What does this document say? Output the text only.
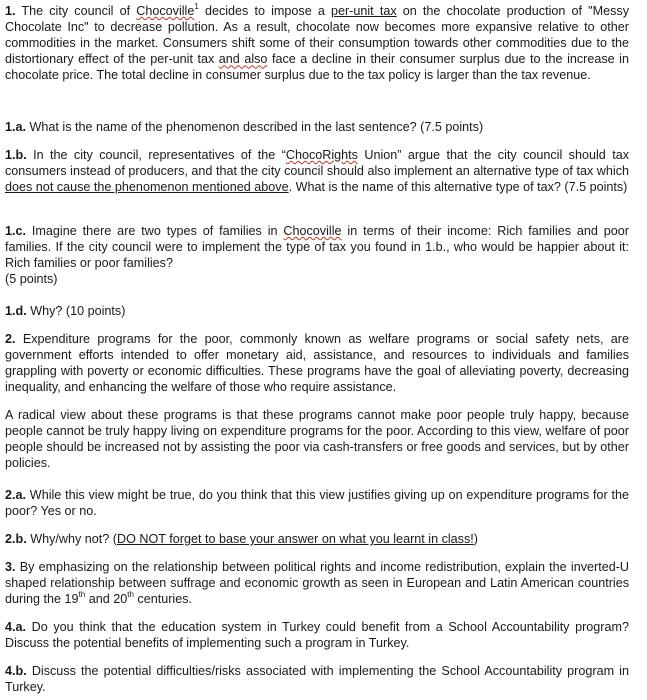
1. The city council of Chocoville$^1$ decides to impose a per-unit tax on the chocolate production of "Messy Chocolate Inc" to decrease pollution. As a result, chocolate now becomes more expansive relative to other commodities in the market. Consumers shift some of their consumption towards other commodities due to the distortionary effect of the per-unit tax and also face a decline in their consumer surplus due to the increase in chocolate price. The total decline in consumer surplus due to the tax policy is larger than the tax revenue.

1.a. What is the name of the phenomenon described in the last sentence? (7.5 points)

1.b. In the city council, representatives of the “ChocoRights Union” argue that the city council should tax consumers instead of producers, and that the city council should also implement an alternative type of tax which does not cause the phenomenon mentioned above. What is the name of this alternative type of tax? (7.5 points)

1.c. Imagine there are two types of families in Chocoville in terms of their income: Rich families and poor families. If the city council were to implement the type of tax you found in 1.b., who would be happier about it: Rich families or poor families?
(5 points)

1.d. Why? (10 points)

2. Expenditure programs for the poor, commonly known as welfare programs or social safety nets, are government efforts intended to offer monetary aid, assistance, and resources to individuals and families grappling with poverty or economic difficulties. These programs have the goal of alleviating poverty, decreasing inequality, and enhancing the welfare of those who require assistance.

A radical view about these programs is that these programs cannot make poor people truly happy, because people cannot be truly happy living on expenditure programs for the poor. According to this view, welfare of poor people should be increased not by assisting the poor via cash-transfers or free goods and services, but by other policies.

2.a. While this view might be true, do you think that this view justifies giving up on expenditure programs for the poor? Yes or no.

2.b. Why/why not? (DO NOT forget to base your answer on what you learnt in class!)

3. By emphasizing on the relationship between political rights and income redistribution, explain the inverted-U shaped relationship between suffrage and economic growth as seen in European and Latin American countries during the 19th and 20th centuries.

4.a. Do you think that the education system in Turkey could benefit from a School Accountability program? Discuss the potential benefits of implementing such a program in Turkey.

4.b. Discuss the potential difficulties/risks associated with implementing the School Accountability program in Turkey.
